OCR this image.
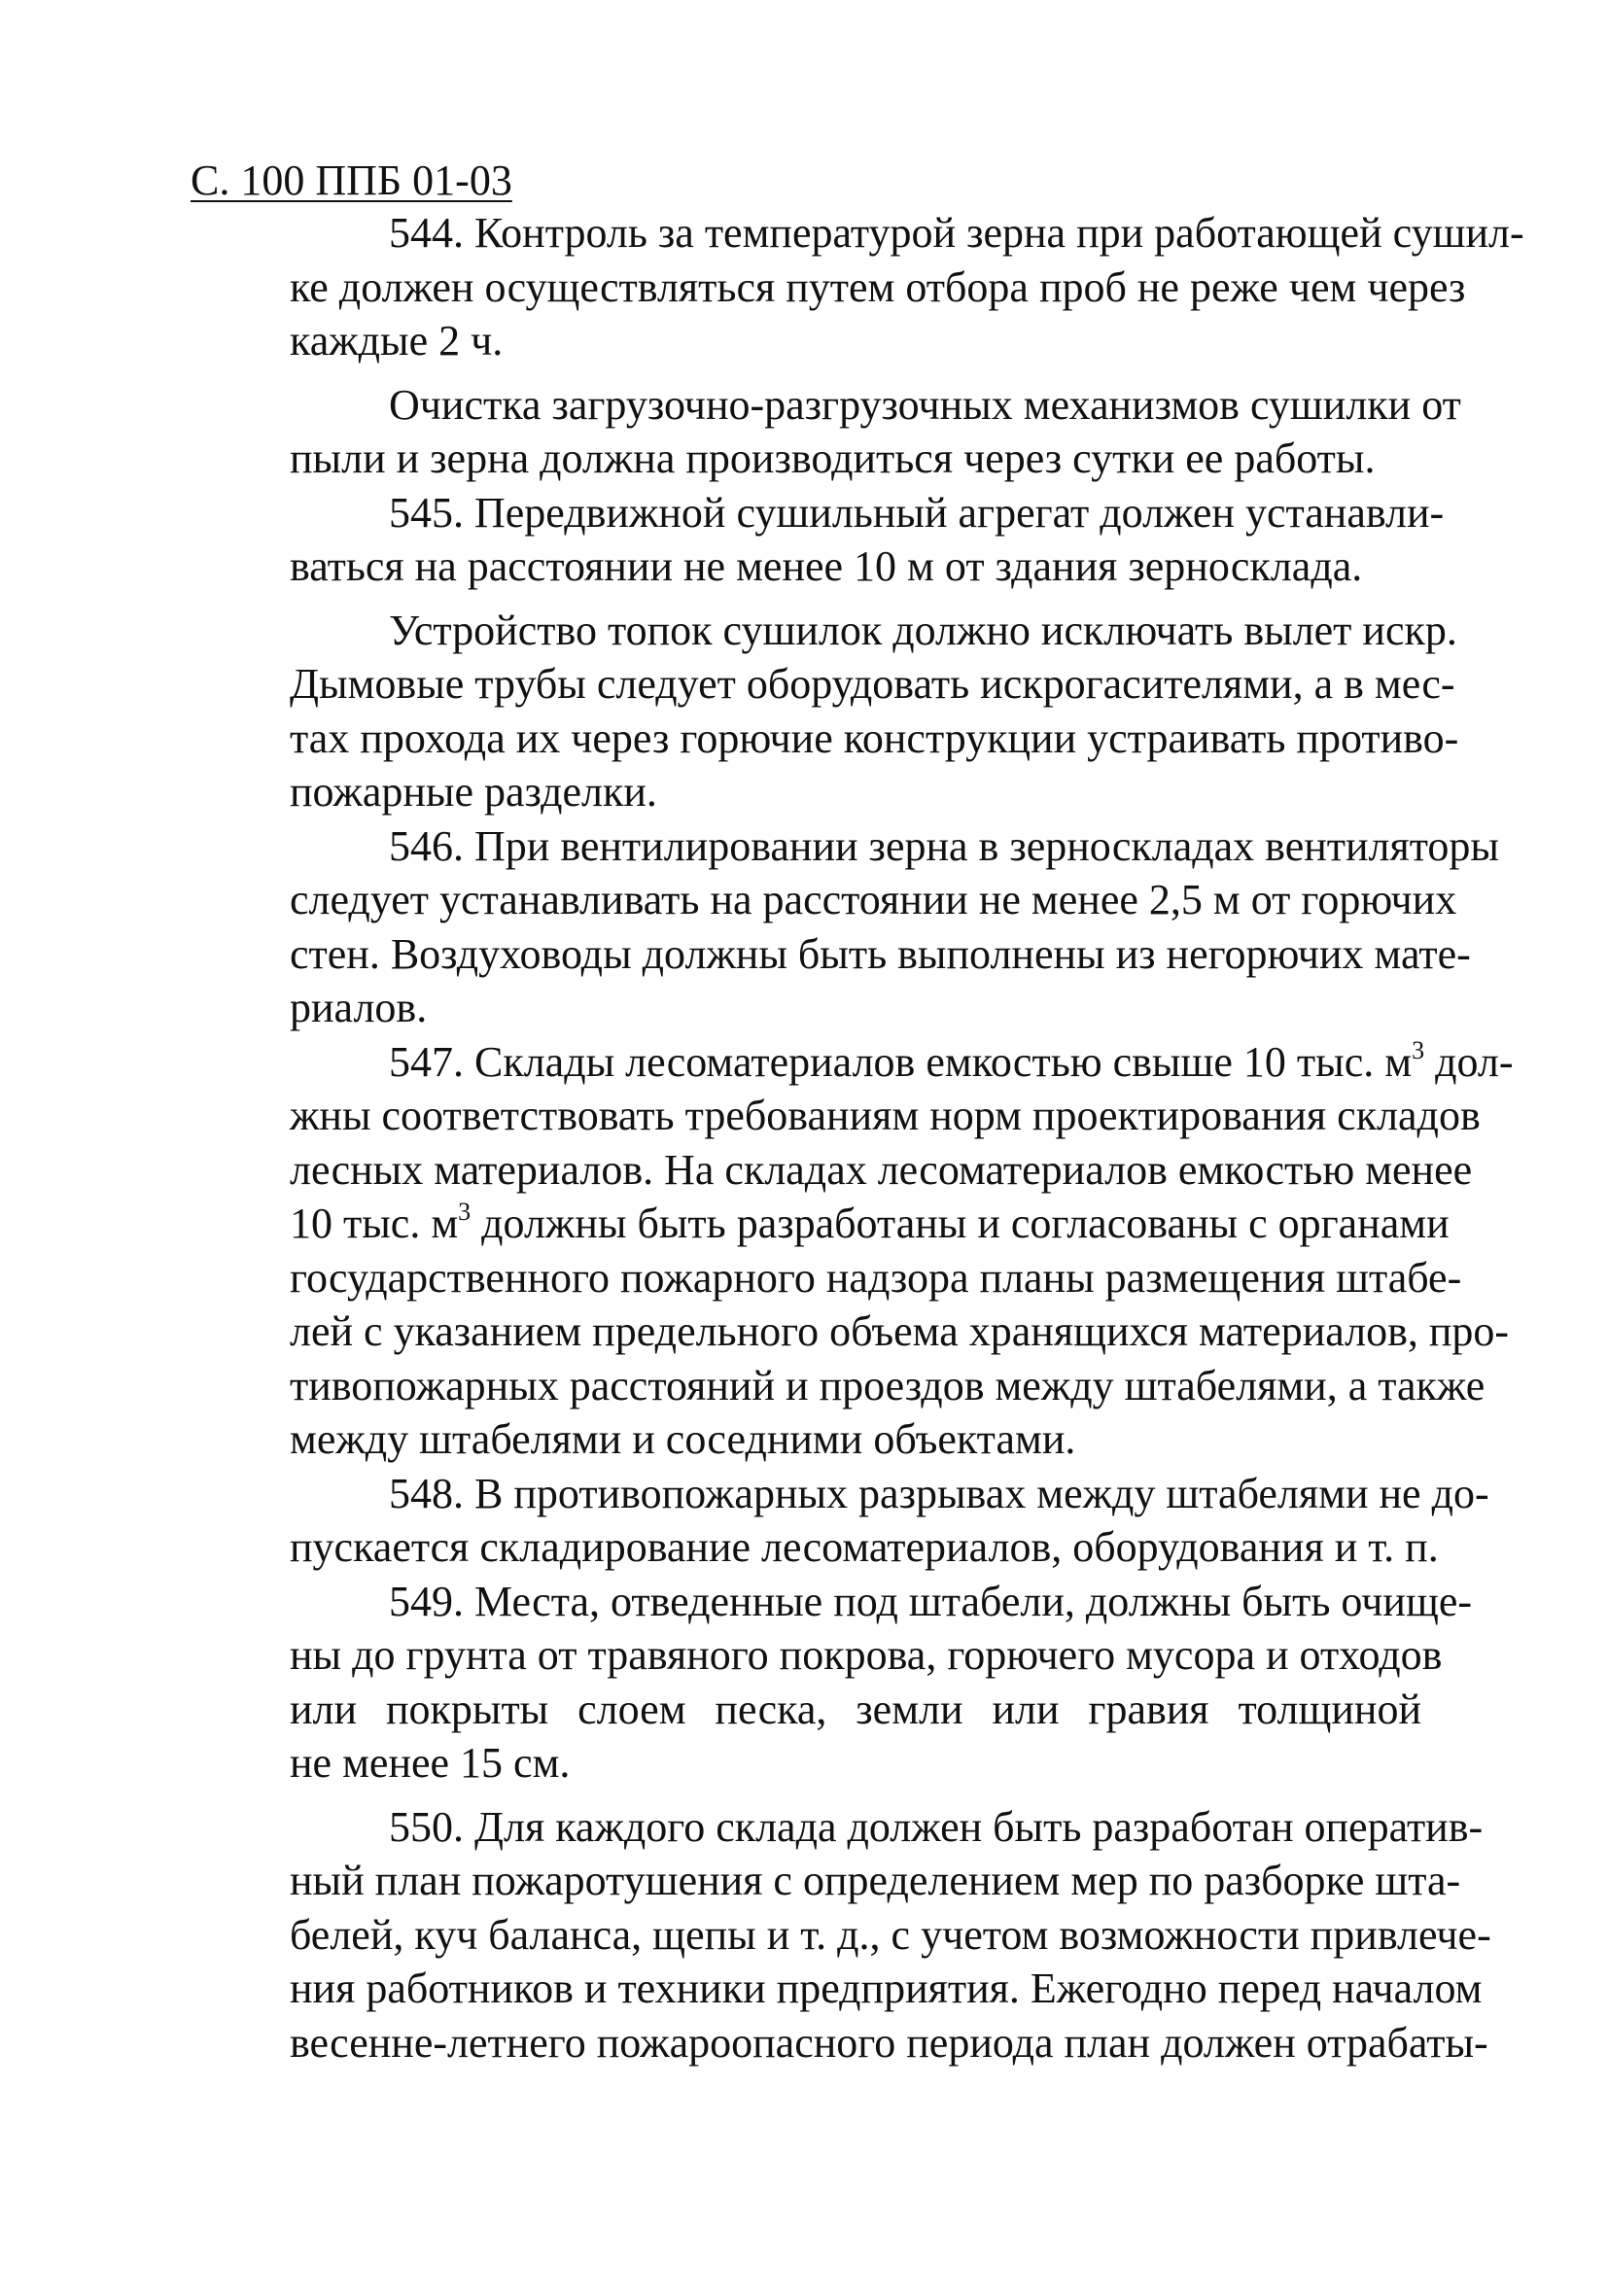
С. 100 ППБ 01-03

544. Контроль за температурой зерна при работающей сушил-
ке должен осуществляться путем отбора проб не реже чем через
каждые 2 ч.

Очистка загрузочно-разгрузочных механизмов сушилки от
пыли и зерна должна производиться через сутки ее работы.

545. Передвижной сушильный агрегат должен устанавли-
ваться на расстоянии не менее 10 м от здания зерносклада.

Устройство топок сушилок должно исключать вылет искр.
Дымовые трубы следует оборудовать искрогасителями, а в мес-
тах прохода их через горючие конструкции устраивать противо-
пожарные разделки.

546. При вентилировании зерна в зерноскладах вентиляторы
следует устанавливать на расстоянии не менее 2,5 м от горючих
стен. Воздуховоды должны быть выполнены из негорючих мате-
риалов.

547. Склады лесоматериалов емкостью свыше 10 тыс. $м^3$ дол-
жны соответствовать требованиям норм проектирования складов
лесных материалов. На складах лесоматериалов емкостью менее
10 тыс. $м^3$ должны быть разработаны и согласованы с органами
государственного пожарного надзора планы размещения штабе-
лей с указанием предельного объема хранящихся материалов, про-
тивопожарных расстояний и проездов между штабелями, а также
между штабелями и соседними объектами.

548. В противопожарных разрывах между штабелями не до-
пускается складирование лесоматериалов, оборудования и т. п.

549. Места, отведенные под штабели, должны быть очище-
ны до грунта от травяного покрова, горючего мусора и отходов
или покрыты слоем песка, земли или гравия толщиной
не менее 15 см.

550. Для каждого склада должен быть разработан оператив-
ный план пожаротушения с определением мер по разборке шта-
белей, куч баланса, щепы и т. д., с учетом возможности привлече-
ния работников и техники предприятия. Ежегодно перед началом
весенне-летнего пожароопасного периода план должен отрабаты-
